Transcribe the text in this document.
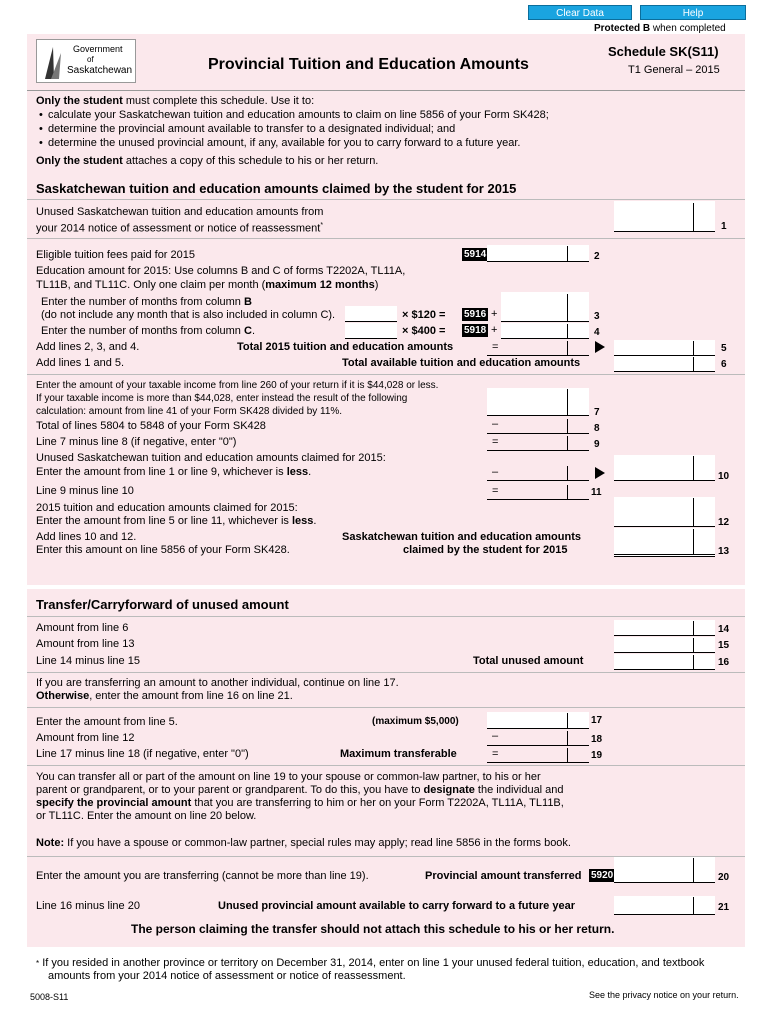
Clear Data	Help
Protected B when completed
Government
of
Saskatchewan	Provincial Tuition and Education Amounts
Schedule SK(S11)
T1 General – 2015
Only the student must complete this schedule. Use it to:
• calculate your Saskatchewan tuition and education amounts to claim on line 5856 of your Form SK428;
• determine the provincial amount available to transfer to a designated individual; and
• determine the unused provincial amount, if any, available for you to carry forward to a future year.
Only the student attaches a copy of this schedule to his or her return.
Saskatchewan tuition and education amounts claimed by the student for 2015
Unused Saskatchewan tuition and education amounts from
your 2014 notice of assessment or notice of reassessment*	1
Eligible tuition fees paid for 2015	5914	2
Education amount for 2015: Use columns B and C of forms T2202A, TL11A,
TL11B, and TL11C. Only one claim per month (maximum 12 months)
Enter the number of months from column B
(do not include any month that is also included in column C).	× $120 = 5916 +	3
Enter the number of months from column C.	× $400 = 5918 +	4
Add lines 2, 3, and 4.	Total 2015 tuition and education amounts	=	5
Add lines 1 and 5.	Total available tuition and education amounts	6
Enter the amount of your taxable income from line 260 of your return if it is $44,028 or less.
If your taxable income is more than $44,028, enter instead the result of the following
calculation: amount from line 41 of your Form SK428 divided by 11%.	7
Total of lines 5804 to 5848 of your Form SK428	–	8
Line 7 minus line 8 (if negative, enter "0")	=	9
Unused Saskatchewan tuition and education amounts claimed for 2015:
Enter the amount from line 1 or line 9, whichever is less.	–	10
Line 9 minus line 10	=	11
2015 tuition and education amounts claimed for 2015:
Enter the amount from line 5 or line 11, whichever is less.	12
Add lines 10 and 12.
Enter this amount on line 5856 of your Form SK428.
Saskatchewan tuition and education amounts
claimed by the student for 2015	13
Transfer/Carryforward of unused amount
Amount from line 6	14
Amount from line 13	15
Line 14 minus line 15	Total unused amount	16
If you are transferring an amount to another individual, continue on line 17.
Otherwise, enter the amount from line 16 on line 21.
Enter the amount from line 5.	(maximum $5,000)	17
Amount from line 12	–	18
Line 17 minus line 18 (if negative, enter "0")	Maximum transferable	=	19
You can transfer all or part of the amount on line 19 to your spouse or common-law partner, to his or her
parent or grandparent, or to your parent or grandparent. To do this, you have to designate the individual and
specify the provincial amount that you are transferring to him or her on your Form T2202A, TL11A, TL11B,
or TL11C. Enter the amount on line 20 below.
Note: If you have a spouse or common-law partner, special rules may apply; read line 5856 in the forms book.
Enter the amount you are transferring (cannot be more than line 19).	Provincial amount transferred 5920	20
Line 16 minus line 20	Unused provincial amount available to carry forward to a future year	21
The person claiming the transfer should not attach this schedule to his or her return.
* If you resided in another province or territory on December 31, 2014, enter on line 1 your unused federal tuition, education, and textbook
amounts from your 2014 notice of assessment or notice of reassessment.
5008-S11	See the privacy notice on your return.
